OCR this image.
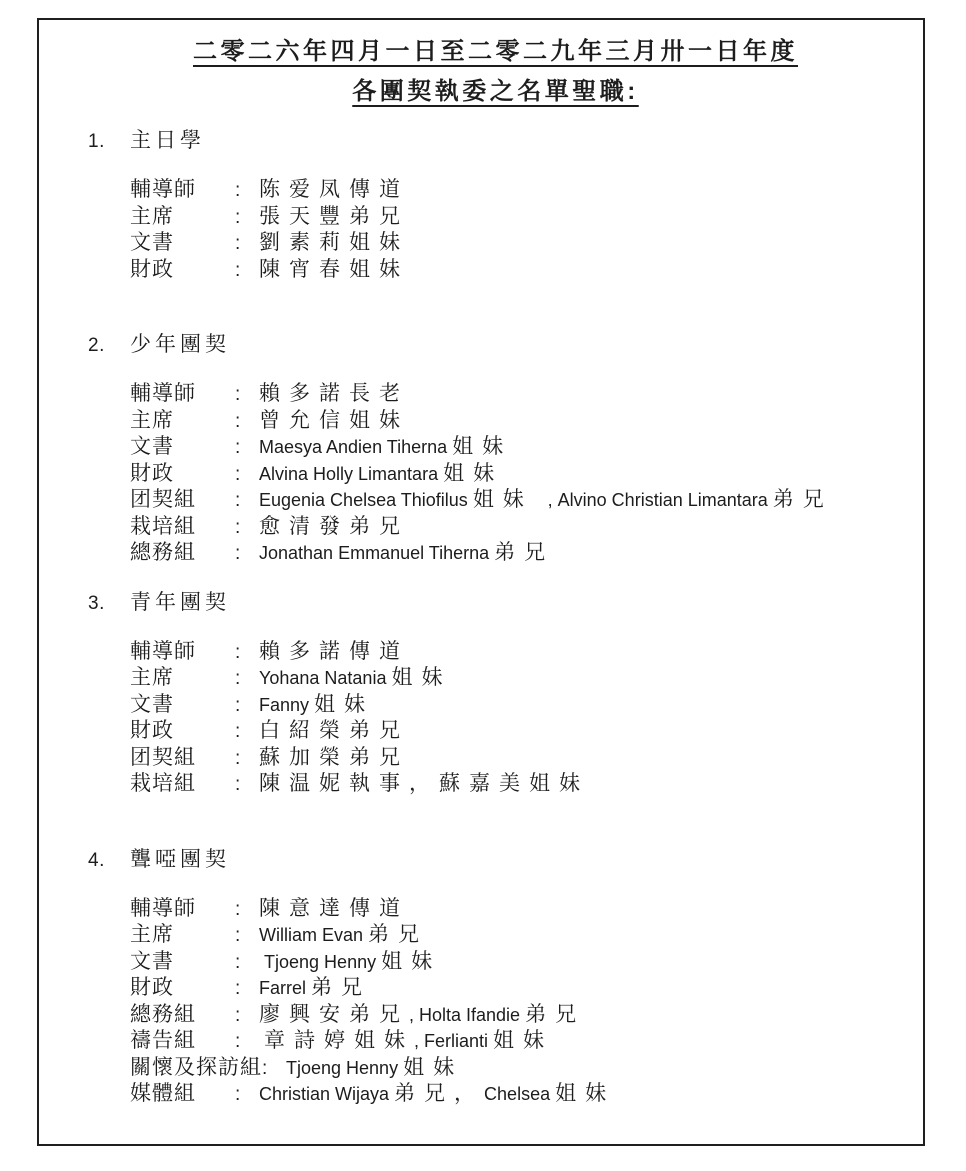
二零二六年四月一日至二零二九年三月卅一日年度
各團契執委之名單聖職:
1.	主日學
輔導師	: 陈爱凤傳道
主席	: 張天豐弟兄
文書	: 劉素莉姐妹
財政	: 陳宵春姐妹
2.	少年團契
輔導師	: 賴多諾長老
主席	: 曾允信姐妹
文書	:	Maesya Andien Tiherna 姐妹
財政	:	Alvina Holly Limantara 姐妹
团契組	:	Eugenia Chelsea Thiofilus 姐妹 , Alvino Christian Limantara 弟兄
栽培組	: 愈清發弟兄
總務組	:	Jonathan Emmanuel Tiherna 弟兄
3.	青年團契
輔導師	: 賴多諾傳道
主席	:	Yohana Natania 姐妹
文書	:	Fanny 姐妹
財政	: 白紹榮弟兄
团契組	: 蘇加榮弟兄
栽培組	: 陳温妮執事，蘇嘉美姐妹
4.	聾啞團契
輔導師	: 陳意達傳道
主席	:	William Evan 弟兄
文書	:	Tjoeng Henny 姐妹
財政	:	Farrel 弟兄
總務組	: 廖興安弟兄, Holta Ifandie 弟兄
禱告組	:	章詩婷姐妹, Ferlianti 姐妹
關懷及探訪組 :	Tjoeng Henny 姐妹
媒體組	:	Christian Wijaya 弟兄，Chelsea 姐妹
